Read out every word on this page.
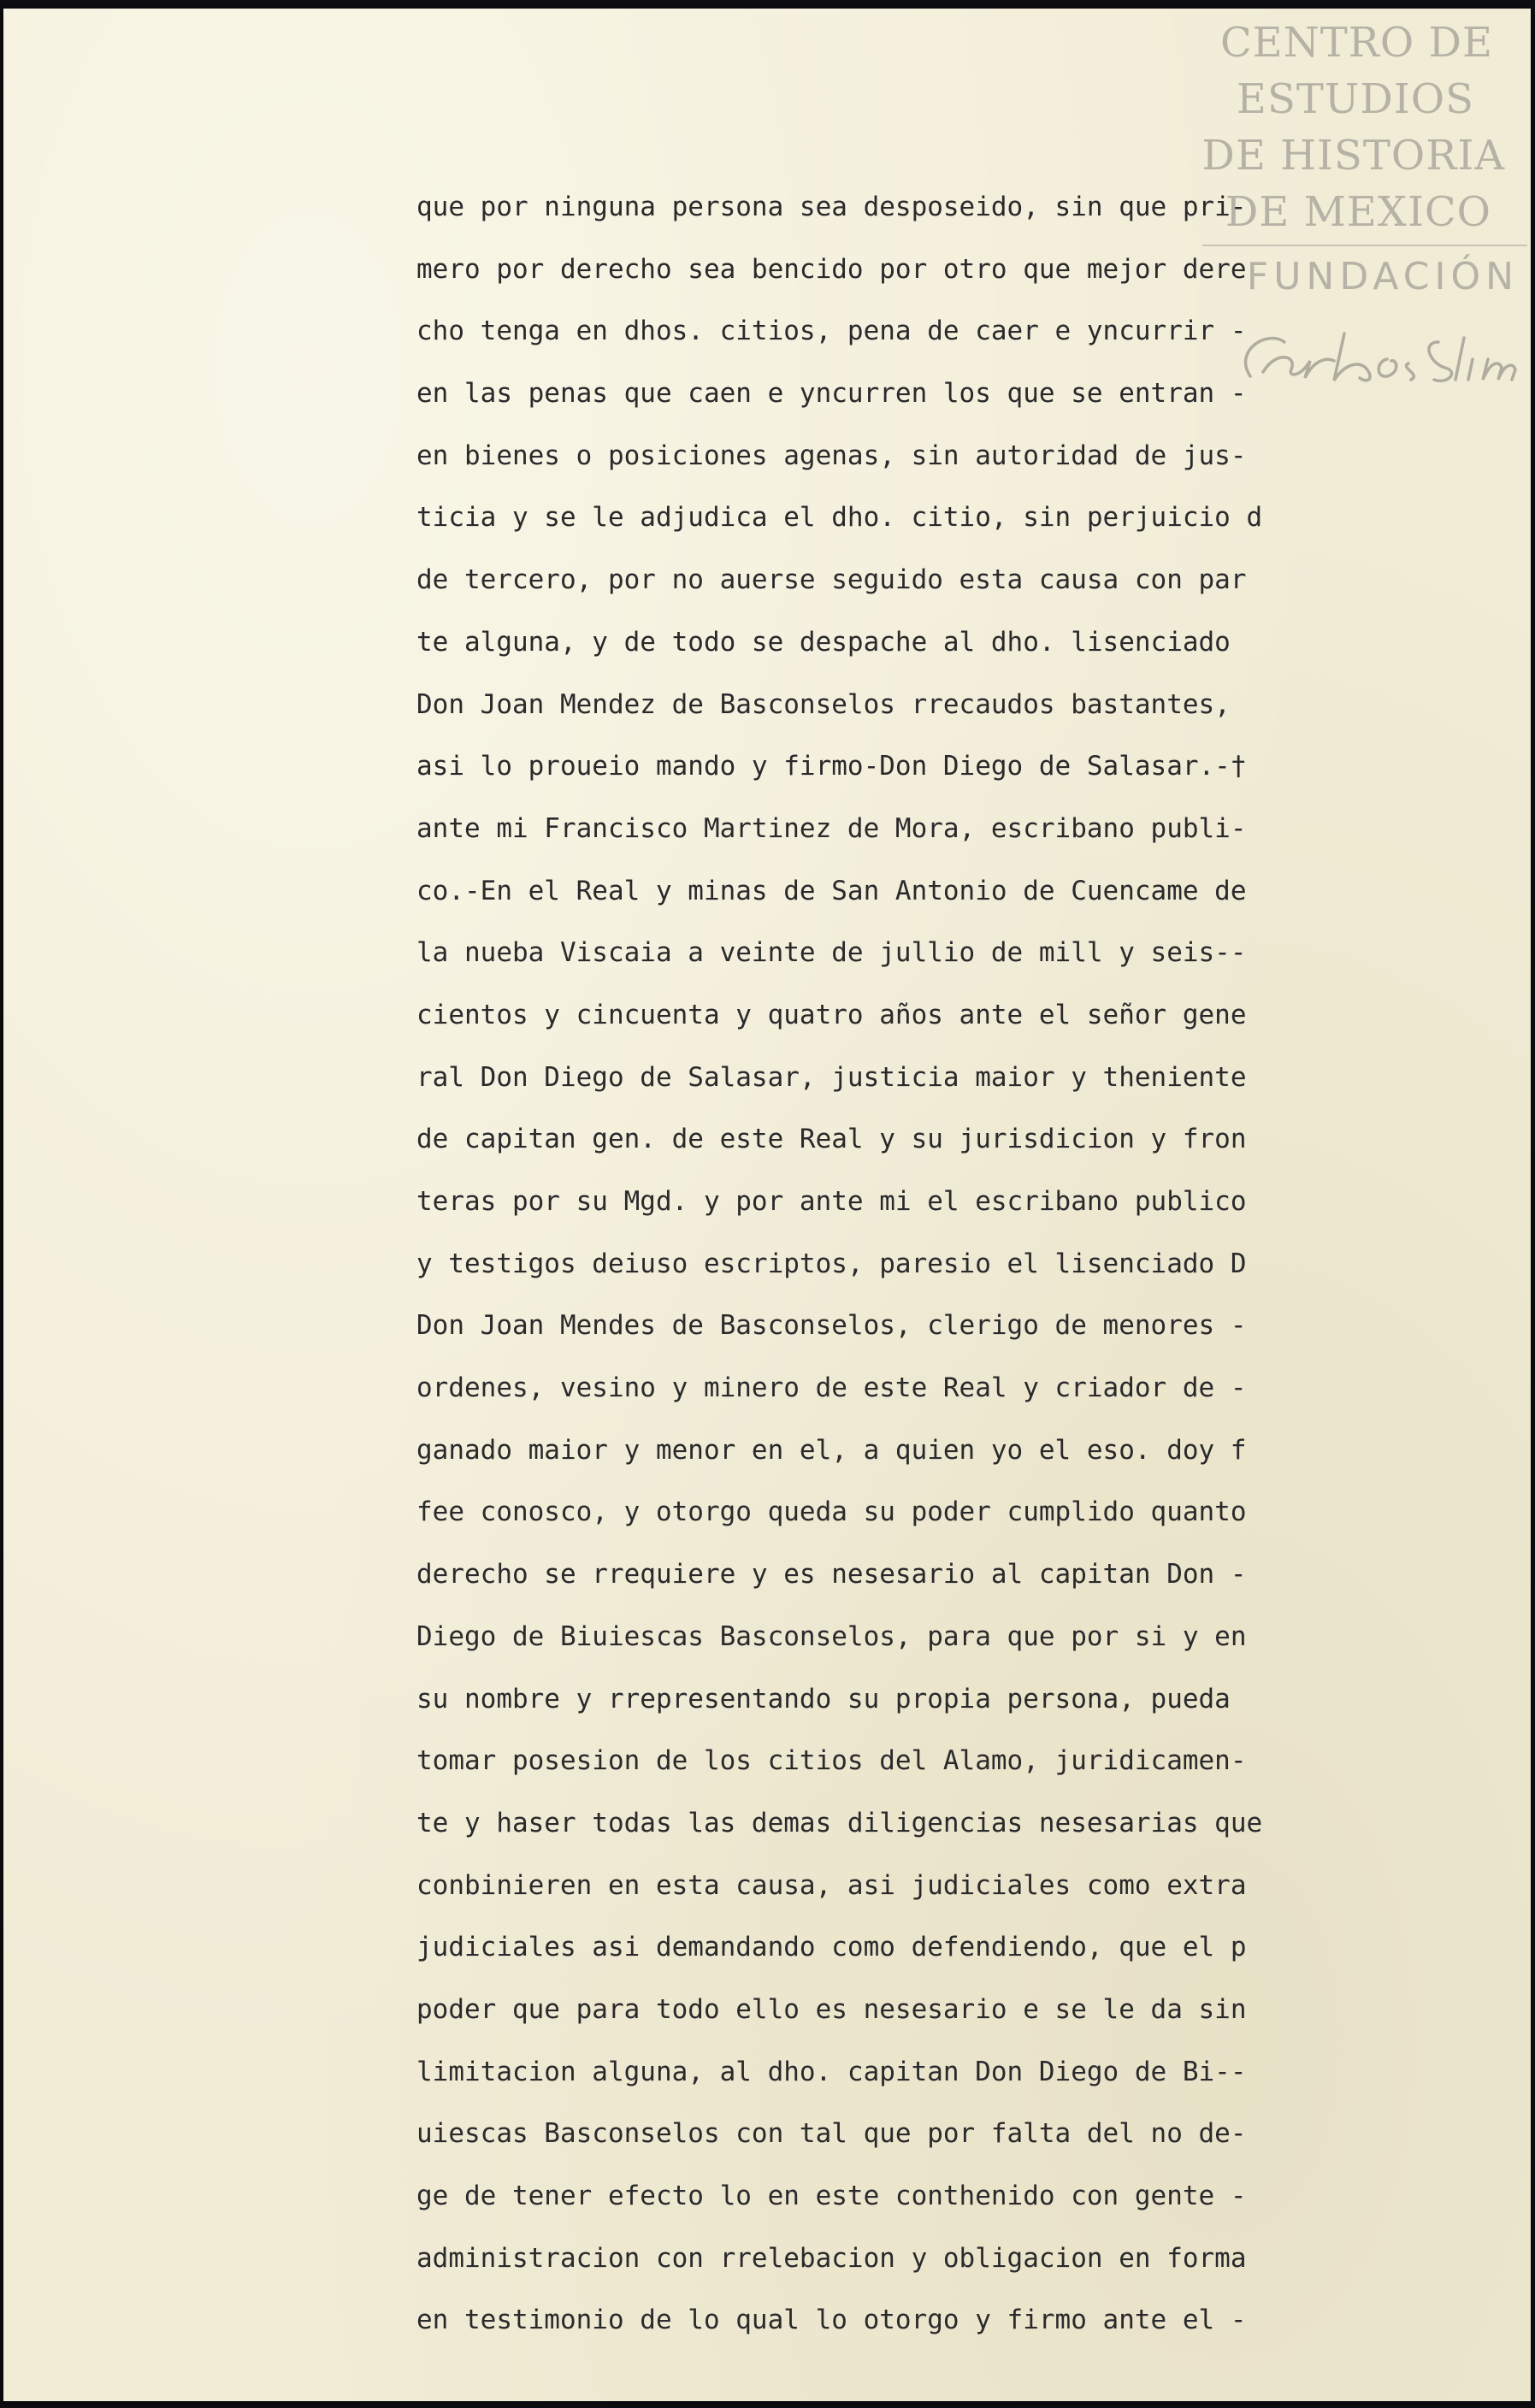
CENTRO DE
ESTUDIOS
DE HISTORIA
DE MEXICO
FUNDACIÓN
que por ninguna persona sea desposeido, sin que pri-
mero por derecho sea bencido por otro que mejor dere
cho tenga en dhos. citios, pena de caer e yncurrir -
en las penas que caen e yncurren los que se entran -
en bienes o posiciones agenas, sin autoridad de jus-
ticia y se le adjudica el dho. citio, sin perjuicio d
de tercero, por no auerse seguido esta causa con par
te alguna, y de todo se despache al dho. lisenciado
Don Joan Mendez de Basconselos rrecaudos bastantes,
asi lo proueio mando y firmo-Don Diego de Salasar.-†
ante mi Francisco Martinez de Mora, escribano publi-
co.-En el Real y minas de San Antonio de Cuencame de
la nueba Viscaia a veinte de jullio de mill y seis--
cientos y cincuenta y quatro años ante el señor gene
ral Don Diego de Salasar, justicia maior y theniente
de capitan gen. de este Real y su jurisdicion y fron
teras por su Mgd. y por ante mi el escribano publico
y testigos deiuso escriptos, paresio el lisenciado D
Don Joan Mendes de Basconselos, clerigo de menores -
ordenes, vesino y minero de este Real y criador de -
ganado maior y menor en el, a quien yo el eso. doy f
fee conosco, y otorgo queda su poder cumplido quanto
derecho se rrequiere y es nesesario al capitan Don -
Diego de Biuiescas Basconselos, para que por si y en
su nombre y rrepresentando su propia persona, pueda
tomar posesion de los citios del Alamo, juridicamen-
te y haser todas las demas diligencias nesesarias que
conbinieren en esta causa, asi judiciales como extra
judiciales asi demandando como defendiendo, que el p
poder que para todo ello es nesesario e se le da sin
limitacion alguna, al dho. capitan Don Diego de Bi--
uiescas Basconselos con tal que por falta del no de-
ge de tener efecto lo en este conthenido con gente -
administracion con rrelebacion y obligacion en forma
en testimonio de lo qual lo otorgo y firmo ante el -
